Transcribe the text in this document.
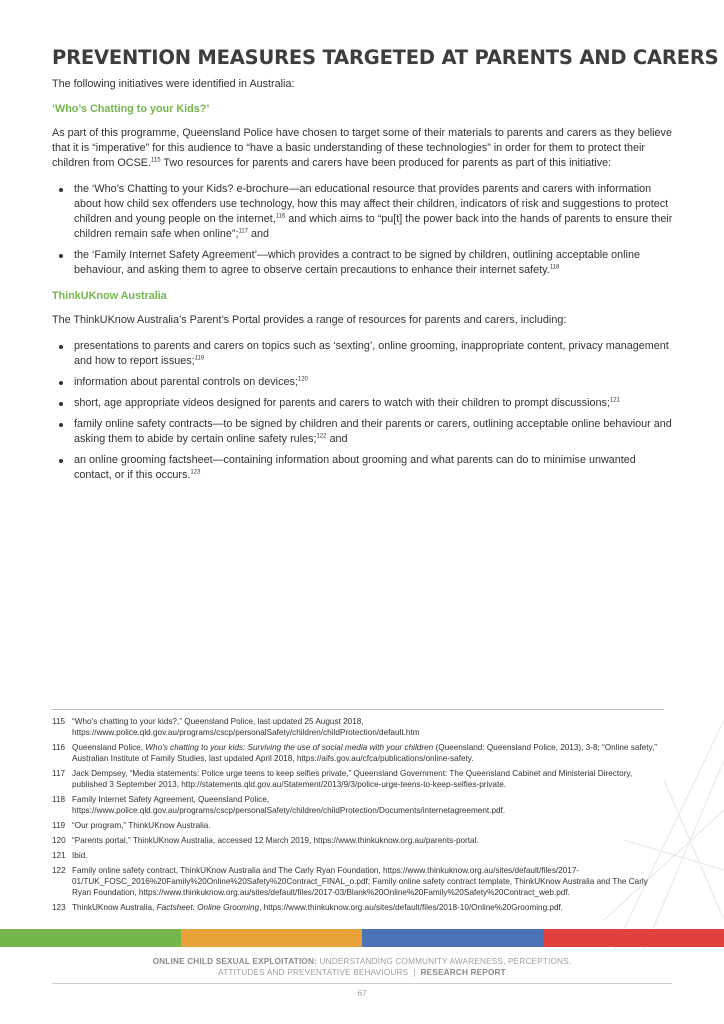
PREVENTION MEASURES TARGETED AT PARENTS AND CARERS

The following initiatives were identified in Australia:

‘Who’s Chatting to your Kids?’

As part of this programme, Queensland Police have chosen to target some of their materials to parents and carers as they believe that it is “imperative” for this audience to “have a basic understanding of these technologies” in order for them to protect their children from OCSE.$^{115}$ Two resources for parents and carers have been produced for parents as part of this initiative:

the ‘Who’s Chatting to your Kids? e-brochure—an educational resource that provides parents and carers with information about how child sex offenders use technology, how this may affect their children, indicators of risk and suggestions to protect children and young people on the internet,$^{116}$ and which aims to “pu[t] the power back into the hands of parents to ensure their children remain safe when online”;$^{117}$ and
the ‘Family Internet Safety Agreement’—which provides a contract to be signed by children, outlining acceptable online behaviour, and asking them to agree to observe certain precautions to enhance their internet safety.$^{118}$

ThinkUKnow Australia

The ThinkUKnow Australia’s Parent’s Portal provides a range of resources for parents and carers, including:

presentations to parents and carers on topics such as ‘sexting’, online grooming, inappropriate content, privacy management and how to report issues;$^{119}$
information about parental controls on devices;$^{120}$
short, age appropriate videos designed for parents and carers to watch with their children to prompt discussions;$^{121}$
family online safety contracts—to be signed by children and their parents or carers, outlining acceptable online behaviour and asking them to abide by certain online safety rules;$^{122}$ and
an online grooming factsheet—containing information about grooming and what parents can do to minimise unwanted contact, or if this occurs.$^{123}$
115 “Who’s chatting to your kids?,” Queensland Police, last updated 25 August 2018, https://www.police.qld.gov.au/programs/cscp/personalSafety/children/childProtection/default.htm
116 Queensland Police, Who’s chatting to your kids: Surviving the use of social media with your children (Queensland: Queensland Police, 2013), 3-8; “Online safety,” Australian Institute of Family Studies, last updated April 2018, https://aifs.gov.au/cfca/publications/online-safety.
117 Jack Dempsey, “Media statements: Police urge teens to keep selfies private,” Queensland Government: The Queensland Cabinet and Ministerial Directory, published 3 September 2013, http://statements.qld.gov.au/Statement/2013/9/3/police-urge-teens-to-keep-selfies-private.
118 Family Internet Safety Agreement, Queensland Police, https://www.police.qld.gov.au/programs/cscp/personalSafety/children/childProtection/Documents/internetagreement.pdf.
119 “Our program,” ThinkUKnow Australia.
120 “Parents portal,” ThinkUKnow Australia, accessed 12 March 2019, https://www.thinkuknow.org.au/parents-portal.
121 Ibid.
122 Family online safety contract, ThinkUKnow Australia and The Carly Ryan Foundation, https://www.thinkuknow.org.au/sites/default/files/2017-01/TUK_FOSC_2016%20Family%20Online%20Safety%20Contract_FINAL_o.pdf; Family online safety contract template, ThinkUKnow Australia and The Carly Ryan Foundation, https://www.thinkuknow.org.au/sites/default/files/2017-03/Blank%20Online%20Family%20Safety%20Contract_web.pdf.
123 ThinkUKnow Australia, Factsheet: Online Grooming, https://www.thinkuknow.org.au/sites/default/files/2018-10/Online%20Grooming.pdf.
ONLINE CHILD SEXUAL EXPLOITATION: UNDERSTANDING COMMUNITY AWARENESS, PERCEPTIONS,
ATTITUDES AND PREVENTATIVE BEHAVIOURS | RESEARCH REPORT
67
